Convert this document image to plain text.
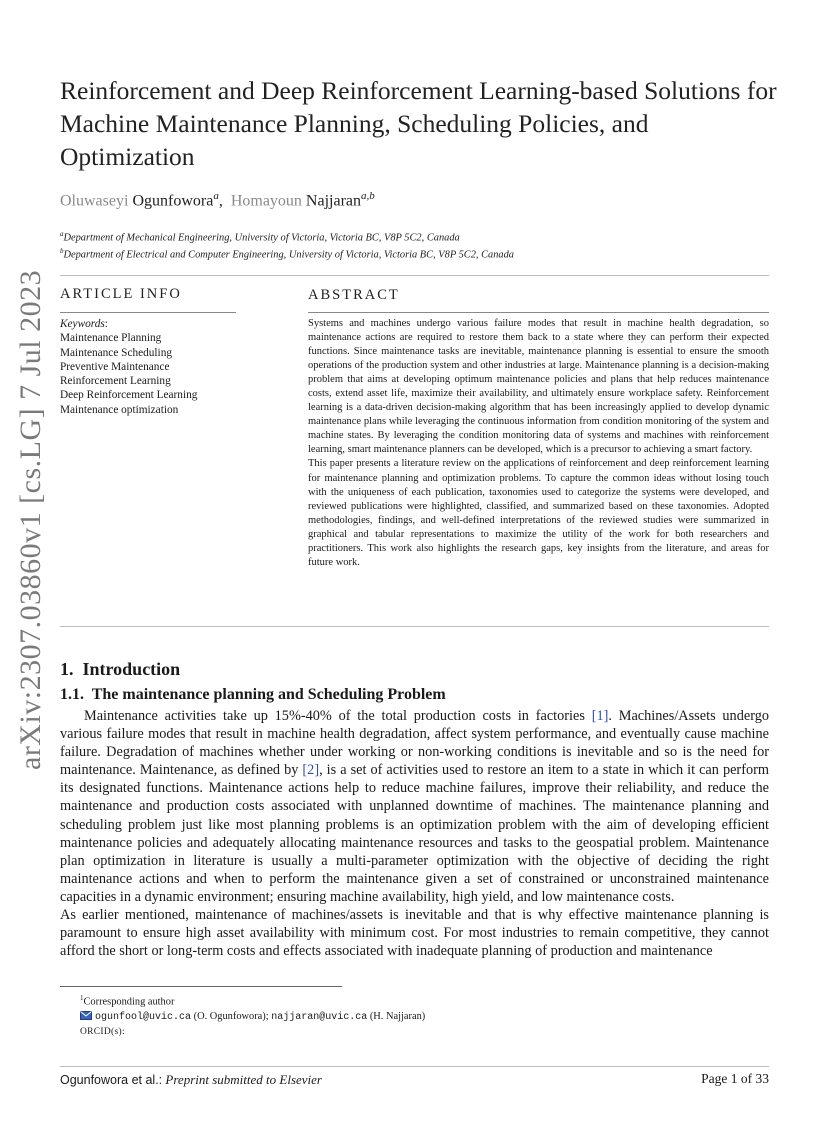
arXiv:2307.03860v1 [cs.LG] 7 Jul 2023
Reinforcement and Deep Reinforcement Learning-based Solutions for Machine Maintenance Planning, Scheduling Policies, and Optimization
Oluwaseyi Ogunfowora$^a$,  Homayoun Najjaran$^{a,b}$
$^a$Department of Mechanical Engineering, University of Victoria, Victoria BC, V8P 5C2, Canada
$^b$Department of Electrical and Computer Engineering, University of Victoria, Victoria BC, V8P 5C2, Canada
ARTICLE INFO
Keywords:
Maintenance Planning
Maintenance Scheduling
Preventive Maintenance
Reinforcement Learning
Deep Reinforcement Learning
Maintenance optimization
ABSTRACT

Systems and machines undergo various failure modes that result in machine health degradation, so maintenance actions are required to restore them back to a state where they can perform their expected functions. Since maintenance tasks are inevitable, maintenance planning is essential to ensure the smooth operations of the production system and other industries at large. Maintenance planning is a decision-making problem that aims at developing optimum maintenance policies and plans that help reduces maintenance costs, extend asset life, maximize their availability, and ultimately ensure workplace safety. Reinforcement learning is a data-driven decision-making algorithm that has been increasingly applied to develop dynamic maintenance plans while leveraging the continuous information from condition monitoring of the system and machine states. By leveraging the condition monitoring data of systems and machines with reinforcement learning, smart maintenance planners can be developed, which is a precursor to achieving a smart factory.

This paper presents a literature review on the applications of reinforcement and deep reinforcement learning for maintenance planning and optimization problems. To capture the common ideas without losing touch with the uniqueness of each publication, taxonomies used to categorize the systems were developed, and reviewed publications were highlighted, classified, and summarized based on these taxonomies. Adopted methodologies, findings, and well-defined interpretations of the reviewed studies were summarized in graphical and tabular representations to maximize the utility of the work for both researchers and practitioners. This work also highlights the research gaps, key insights from the literature, and areas for future work.

1. Introduction
1.1. The maintenance planning and Scheduling Problem

Maintenance activities take up 15%-40% of the total production costs in factories [1]. Machines/Assets undergo various failure modes that result in machine health degradation, affect system performance, and eventually cause machine failure. Degradation of machines whether under working or non-working conditions is inevitable and so is the need for maintenance. Maintenance, as defined by [2], is a set of activities used to restore an item to a state in which it can perform its designated functions. Maintenance actions help to reduce machine failures, improve their reliability, and reduce the maintenance and production costs associated with unplanned downtime of machines. The maintenance planning and scheduling problem just like most planning problems is an optimization problem with the aim of developing efficient maintenance policies and adequately allocating maintenance resources and tasks to the geospatial problem. Maintenance plan optimization in literature is usually a multi-parameter optimization with the objective of deciding the right maintenance actions and when to perform the maintenance given a set of constrained or unconstrained maintenance capacities in a dynamic environment; ensuring machine availability, high yield, and low maintenance costs.

As earlier mentioned, maintenance of machines/assets is inevitable and that is why effective maintenance planning is paramount to ensure high asset availability with minimum cost. For most industries to remain competitive, they cannot afford the short or long-term costs and effects associated with inadequate planning of production and maintenance

$^1$Corresponding author
ogunfool@uvic.ca (O. Ogunfowora); najjaran@uvic.ca (H. Najjaran)
ORCID(s):
Ogunfowora et al.: Preprint submitted to Elsevier	Page 1 of 33
